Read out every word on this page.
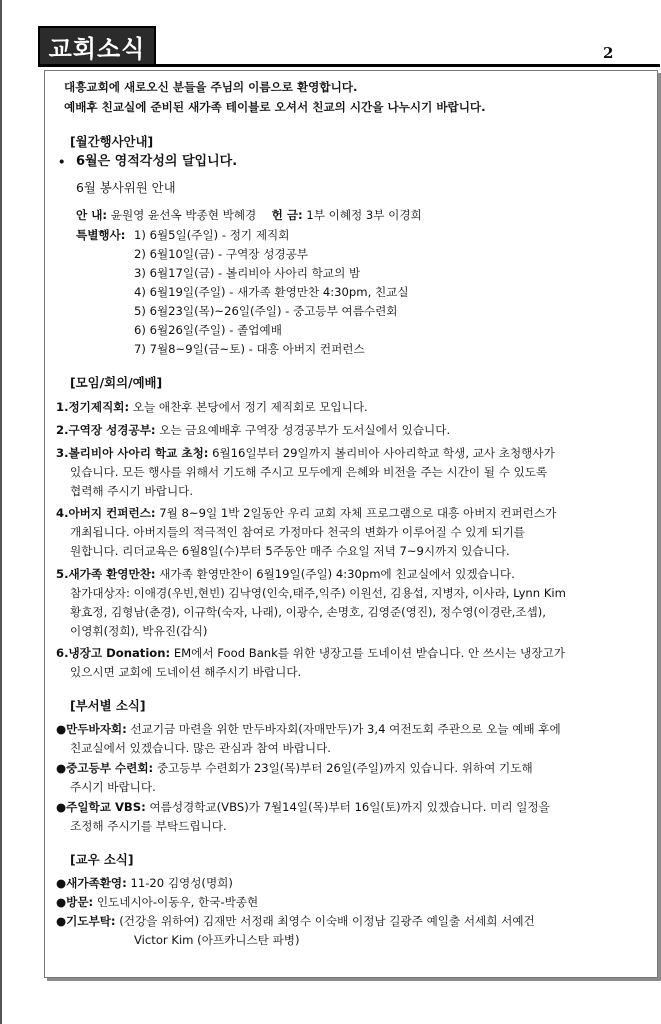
교회소식	2
대흥교회에 새로오신 분들을 주님의 이름으로 환영합니다.
예배후 친교실에 준비된 새가족 테이블로 오셔서 친교의 시간을 나누시기 바랍니다.
[월간행사안내]
• 6월은 영적각성의 달입니다.
6월 봉사위원 안내
안 내: 윤원영 윤선옥 박종현 박혜경 헌 금: 1부 이혜정 3부 이경희
특별행사: 1) 6월5일(주일) - 정기 제직회
2) 6월10일(금) - 구역장 성경공부
3) 6월17일(금) - 볼리비아 사아리 학교의 밤
4) 6월19일(주일) - 새가족 환영만찬 4:30pm, 친교실
5) 6월23일(목)~26일(주일) - 중고등부 여름수련회
6) 6월26일(주일) - 졸업예배
7) 7월8~9일(금~토) - 대흥 아버지 컨퍼런스
[모임/회의/예배]
1.정기제직회: 오늘 애찬후 본당에서 정기 제직회로 모입니다.
2.구역장 성경공부: 오는 금요예배후 구역장 성경공부가 도서실에서 있습니다.
3.볼리비아 사아리 학교 초청: 6월16일부터 29일까지 볼리비아 사아리학교 학생, 교사 초청행사가
있습니다. 모든 행사를 위해서 기도해 주시고 모두에게 은혜와 비전을 주는 시간이 될 수 있도록
협력해 주시기 바랍니다.
4.아버지 컨퍼런스: 7월 8~9일 1박 2일동안 우리 교회 자체 프로그램으로 대흥 아버지 컨퍼런스가
개최됩니다. 아버지들의 적극적인 참여로 가정마다 천국의 변화가 이루어질 수 있게 되기를
원합니다. 리더교육은 6월8일(수)부터 5주동안 매주 수요일 저녁 7~9시까지 있습니다.
5.새가족 환영만찬: 새가족 환영만찬이 6월19일(주일) 4:30pm에 친교실에서 있겠습니다.
참가대상자: 이애경(우빈,현빈) 김낙영(인숙,태주,익주) 이원선, 김용섭, 지병자, 이사라, Lynn Kim
황효정, 김형남(춘경), 이규학(숙자, 나래), 이광수, 손명호, 김영준(영진), 정수영(이경란,조셉),
이영휘(정희), 박유진(갑식)
6.냉장고 Donation: EM에서 Food Bank를 위한 냉장고를 도네이션 받습니다. 안 쓰시는 냉장고가
있으시면 교회에 도네이션 해주시기 바랍니다.
[부서별 소식]
●만두바자회: 선교기금 마련을 위한 만두바자회(자매만두)가 3,4 여전도회 주관으로 오늘 예배 후에
친교실에서 있겠습니다. 많은 관심과 참여 바랍니다.
●중고등부 수련회: 중고등부 수련회가 23일(목)부터 26일(주일)까지 있습니다. 위하여 기도해
주시기 바랍니다.
●주일학교 VBS: 여름성경학교(VBS)가 7월14일(목)부터 16일(토)까지 있겠습니다. 미리 일정을
조정해 주시기를 부탁드립니다.
[교우 소식]
●새가족환영: 11-20 김영성(명희)
●방문: 인도네시아-이동우, 한국-박종현
●기도부탁: (건강을 위하여) 김재만 서정래 최영수 이숙배 이정남 길광주 예일출 서세희 서예건
Victor Kim (아프카니스탄 파병)
